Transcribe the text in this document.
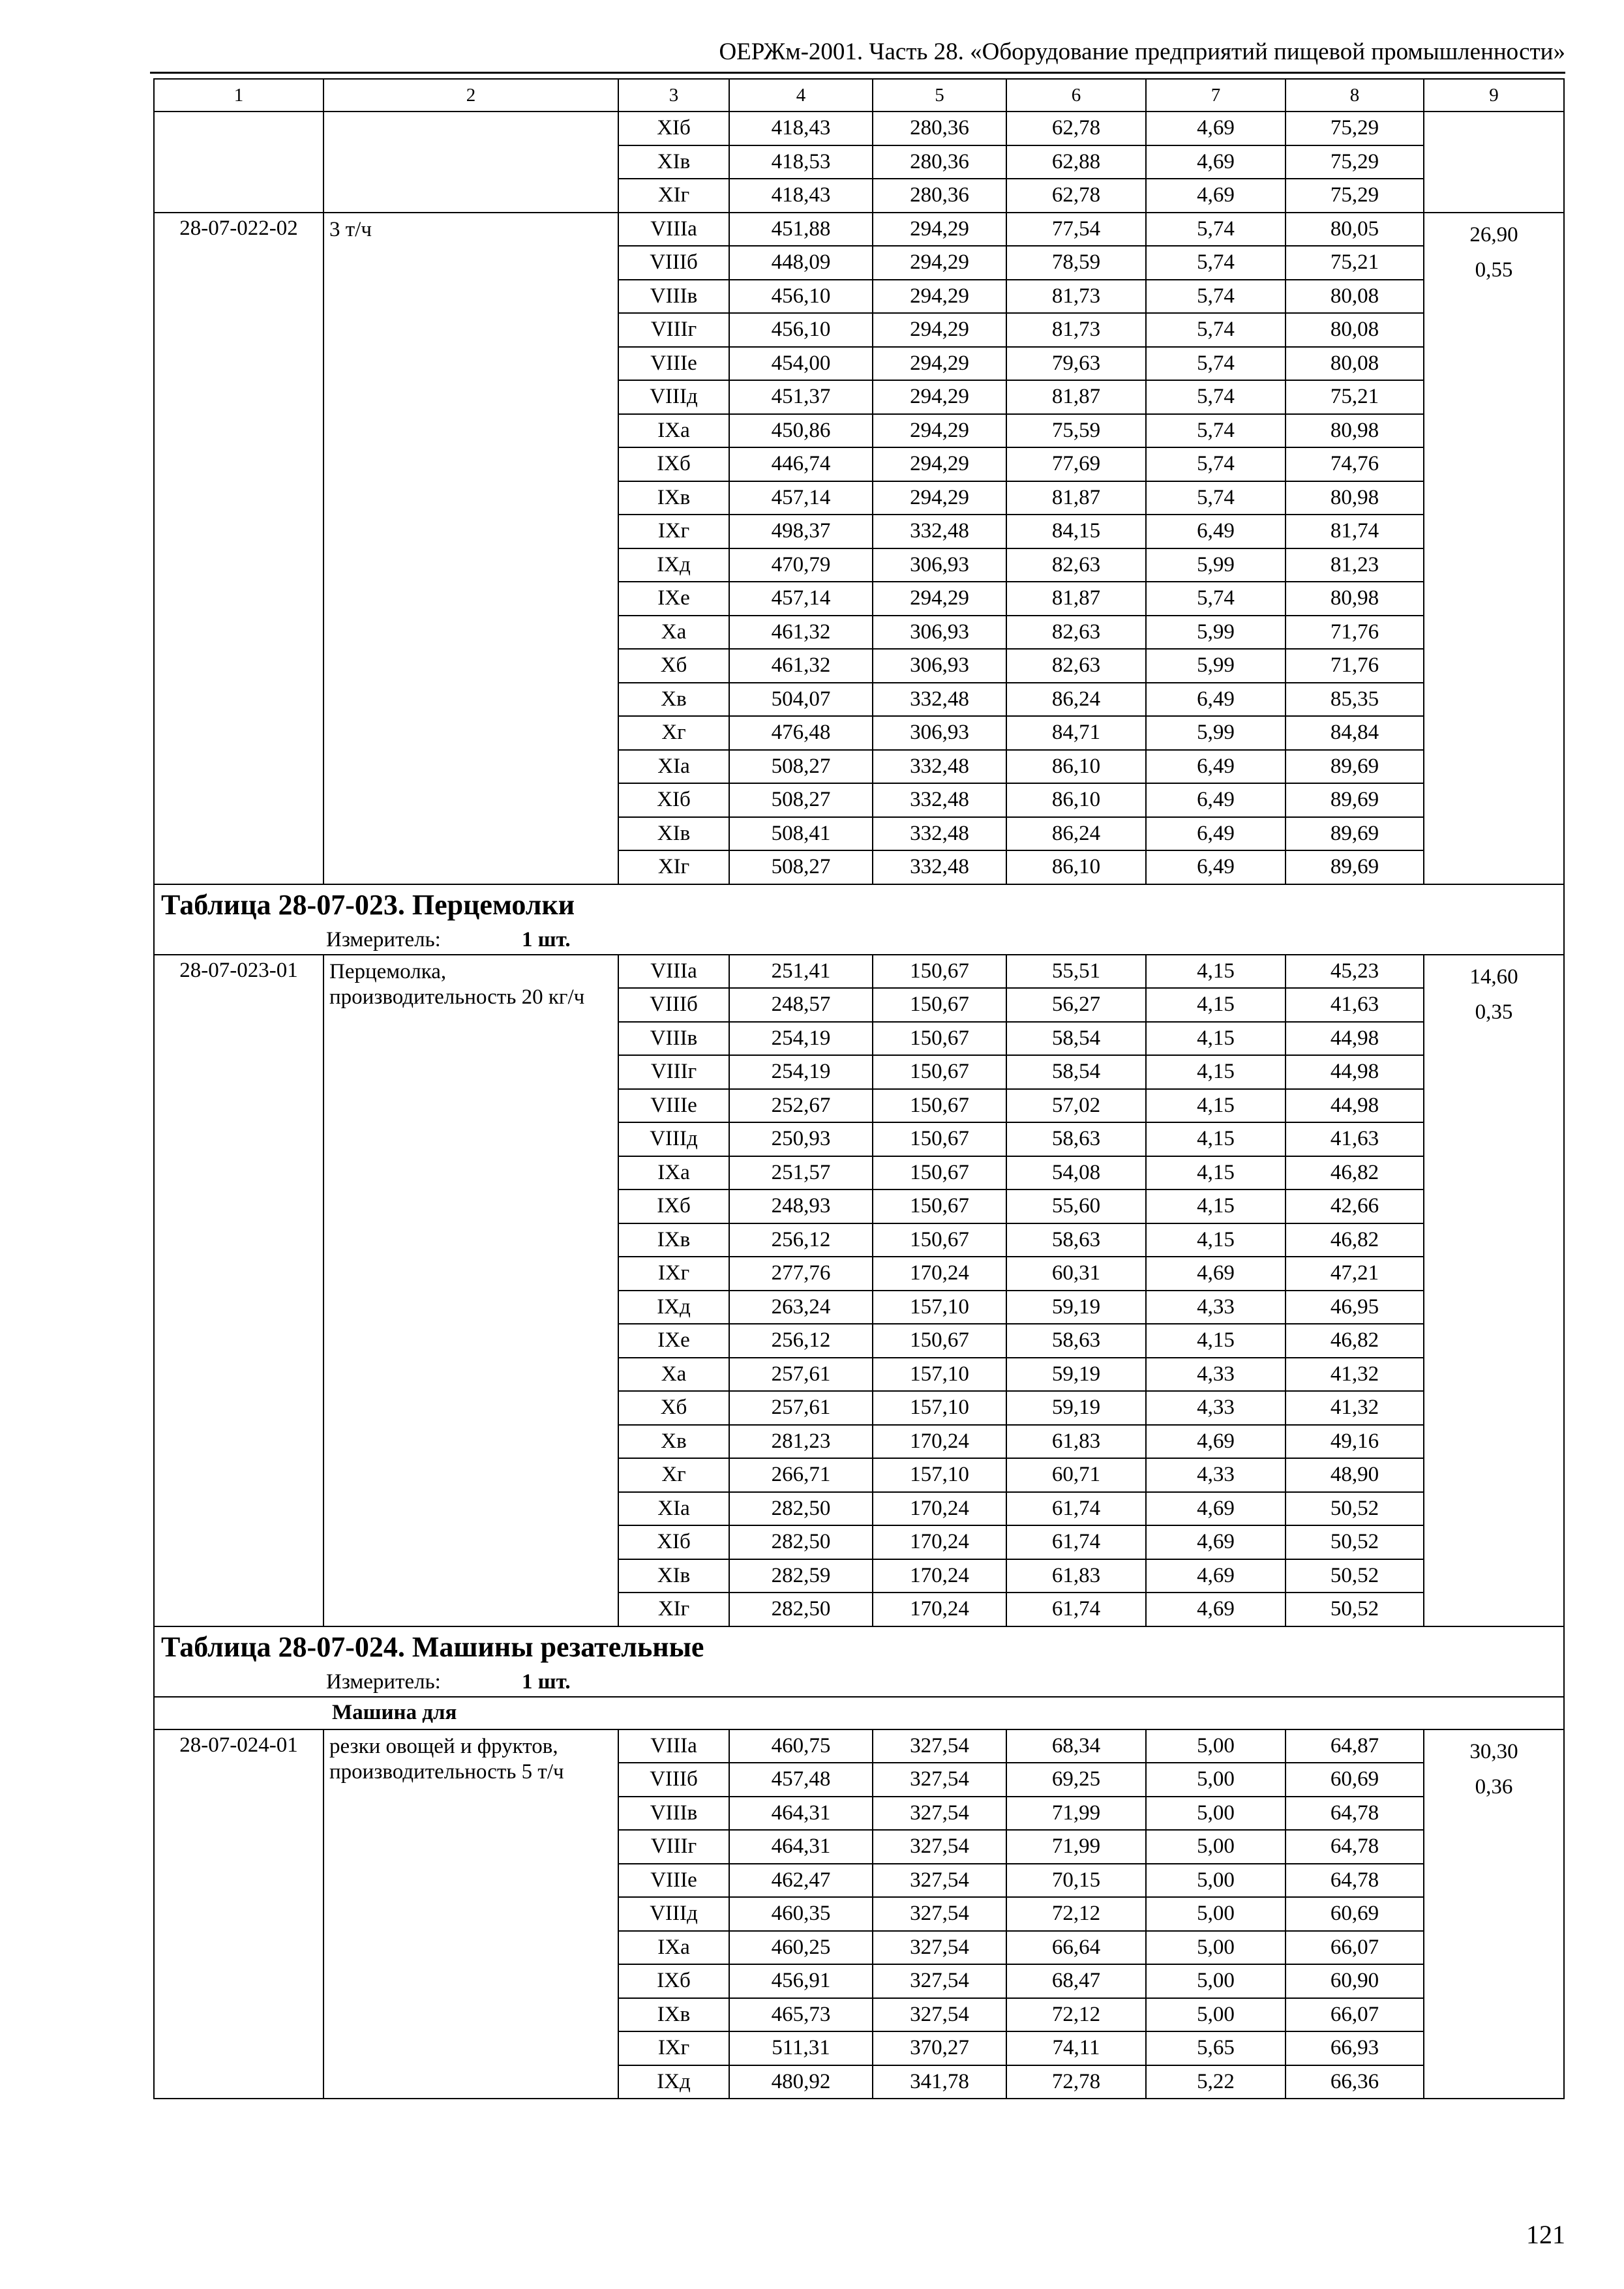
ОЕРЖм-2001. Часть 28. «Оборудование предприятий пищевой промышленности»
1	2	3	4	5	6	7	8	9
		XIб	418,43	280,36	62,78	4,69	75,29	
		XIв	418,53	280,36	62,88	4,69	75,29	
		XIг	418,43	280,36	62,78	4,69	75,29	
28-07-022-02	3 т/ч	VIIIа	451,88	294,29	77,54	5,74	80,05	26,90
0,55

		VIIIб	448,09	294,29	78,59	5,74	75,21	
		VIIIв	456,10	294,29	81,73	5,74	80,08	
		VIIIг	456,10	294,29	81,73	5,74	80,08	
		VIIIе	454,00	294,29	79,63	5,74	80,08	
		VIIIд	451,37	294,29	81,87	5,74	75,21	
		IXа	450,86	294,29	75,59	5,74	80,98	
		IXб	446,74	294,29	77,69	5,74	74,76	
		IXв	457,14	294,29	81,87	5,74	80,98	
		IXг	498,37	332,48	84,15	6,49	81,74	
		IXд	470,79	306,93	82,63	5,99	81,23	
		IXе	457,14	294,29	81,87	5,74	80,98	
		Xа	461,32	306,93	82,63	5,99	71,76	
		Xб	461,32	306,93	82,63	5,99	71,76	
		Xв	504,07	332,48	86,24	6,49	85,35	
		Xг	476,48	306,93	84,71	5,99	84,84	
		XIа	508,27	332,48	86,10	6,49	89,69	
		XIб	508,27	332,48	86,10	6,49	89,69	
		XIв	508,41	332,48	86,24	6,49	89,69	
		XIг	508,27	332,48	86,10	6,49	89,69	
Таблица 28-07-023. Перцемолки								
Измеритель: 1 шт.								
28-07-023-01	Перцемолка, производительность 20 кг/ч	VIIIа	251,41	150,67	55,51	4,15	45,23	14,60
0,35

		VIIIб	248,57	150,67	56,27	4,15	41,63	
		VIIIв	254,19	150,67	58,54	4,15	44,98	
		VIIIг	254,19	150,67	58,54	4,15	44,98	
		VIIIе	252,67	150,67	57,02	4,15	44,98	
		VIIIд	250,93	150,67	58,63	4,15	41,63	
		IXа	251,57	150,67	54,08	4,15	46,82	
		IXб	248,93	150,67	55,60	4,15	42,66	
		IXв	256,12	150,67	58,63	4,15	46,82	
		IXг	277,76	170,24	60,31	4,69	47,21	
		IXд	263,24	157,10	59,19	4,33	46,95	
		IXе	256,12	150,67	58,63	4,15	46,82	
		Xа	257,61	157,10	59,19	4,33	41,32	
		Xб	257,61	157,10	59,19	4,33	41,32	
		Xв	281,23	170,24	61,83	4,69	49,16	
		Xг	266,71	157,10	60,71	4,33	48,90	
		XIа	282,50	170,24	61,74	4,69	50,52	
		XIб	282,50	170,24	61,74	4,69	50,52	
		XIв	282,59	170,24	61,83	4,69	50,52	
		XIг	282,50	170,24	61,74	4,69	50,52	
Таблица 28-07-024. Машины резательные								
Измеритель: 1 шт.								
Машина для								
28-07-024-01	резки овощей и фруктов, производительность 5 т/ч	VIIIа	460,75	327,54	68,34	5,00	64,87	30,30
0,36

		VIIIб	457,48	327,54	69,25	5,00	60,69	
		VIIIв	464,31	327,54	71,99	5,00	64,78	
		VIIIг	464,31	327,54	71,99	5,00	64,78	
		VIIIе	462,47	327,54	70,15	5,00	64,78	
		VIIIд	460,35	327,54	72,12	5,00	60,69	
		IXа	460,25	327,54	66,64	5,00	66,07	
		IXб	456,91	327,54	68,47	5,00	60,90	
		IXв	465,73	327,54	72,12	5,00	66,07	
		IXг	511,31	370,27	74,11	5,65	66,93	
		IXд	480,92	341,78	72,78	5,22	66,36	
121
